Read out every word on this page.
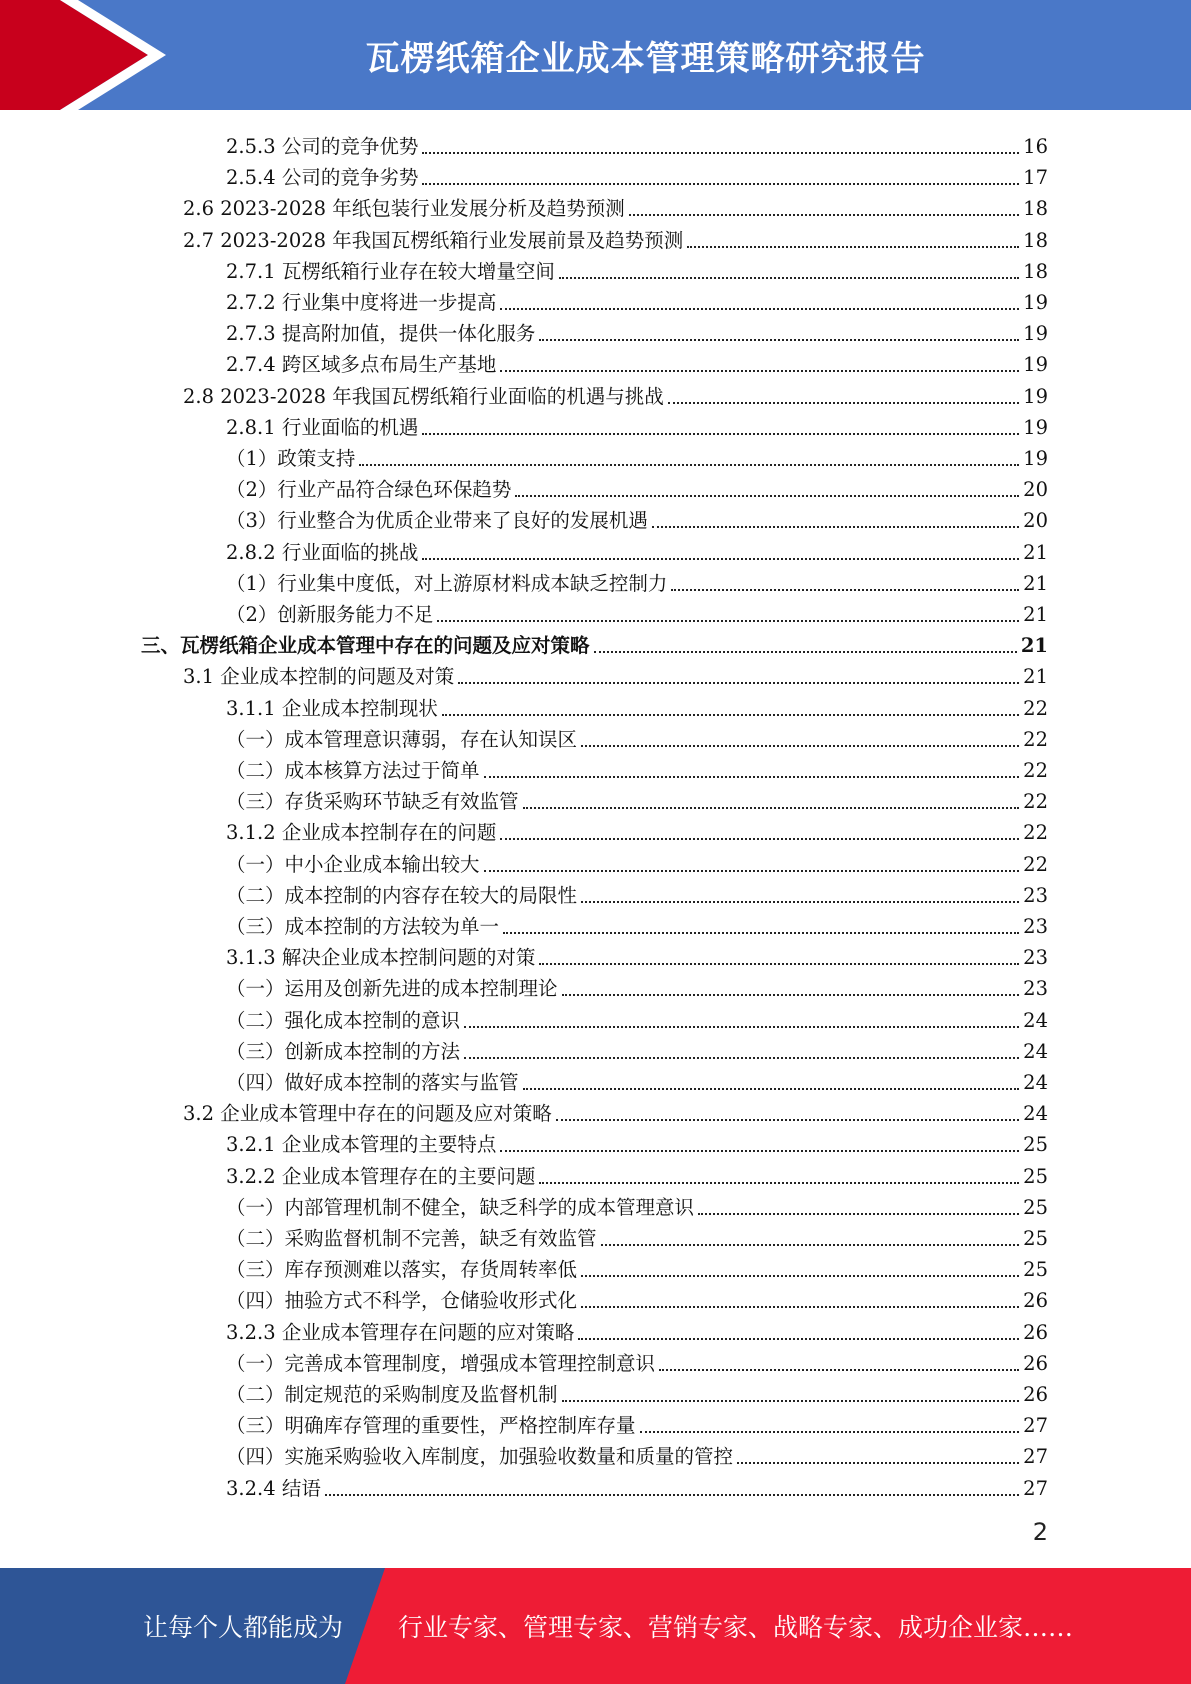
瓦楞纸箱企业成本管理策略研究报告
2.5.3 公司的竞争优势	16
2.5.4 公司的竞争劣势	17
2.6 2023-2028 年纸包装行业发展分析及趋势预测	18
2.7 2023-2028 年我国瓦楞纸箱行业发展前景及趋势预测	18
2.7.1 瓦楞纸箱行业存在较大增量空间	18
2.7.2 行业集中度将进一步提高	19
2.7.3 提高附加值，提供一体化服务	19
2.7.4 跨区域多点布局生产基地	19
2.8 2023-2028 年我国瓦楞纸箱行业面临的机遇与挑战	19
2.8.1 行业面临的机遇	19
（1）政策支持	19
（2）行业产品符合绿色环保趋势	20
（3）行业整合为优质企业带来了良好的发展机遇	20
2.8.2 行业面临的挑战	21
（1）行业集中度低，对上游原材料成本缺乏控制力	21
（2）创新服务能力不足	21
三、瓦楞纸箱企业成本管理中存在的问题及应对策略	21
3.1 企业成本控制的问题及对策	21
3.1.1 企业成本控制现状	22
（一）成本管理意识薄弱，存在认知误区	22
（二）成本核算方法过于简单	22
（三）存货采购环节缺乏有效监管	22
3.1.2 企业成本控制存在的问题	22
（一）中小企业成本输出较大	22
（二）成本控制的内容存在较大的局限性	23
（三）成本控制的方法较为单一	23
3.1.3 解决企业成本控制问题的对策	23
（一）运用及创新先进的成本控制理论	23
（二）强化成本控制的意识	24
（三）创新成本控制的方法	24
（四）做好成本控制的落实与监管	24
3.2 企业成本管理中存在的问题及应对策略	24
3.2.1 企业成本管理的主要特点	25
3.2.2 企业成本管理存在的主要问题	25
（一）内部管理机制不健全，缺乏科学的成本管理意识	25
（二）采购监督机制不完善，缺乏有效监管	25
（三）库存预测难以落实，存货周转率低	25
（四）抽验方式不科学，仓储验收形式化	26
3.2.3 企业成本管理存在问题的应对策略	26
（一）完善成本管理制度，增强成本管理控制意识	26
（二）制定规范的采购制度及监督机制	26
（三）明确库存管理的重要性，严格控制库存量	27
（四）实施采购验收入库制度，加强验收数量和质量的管控	27
3.2.4 结语	27
2
让每个人都能成为 行业专家、管理专家、营销专家、战略专家、成功企业家……
